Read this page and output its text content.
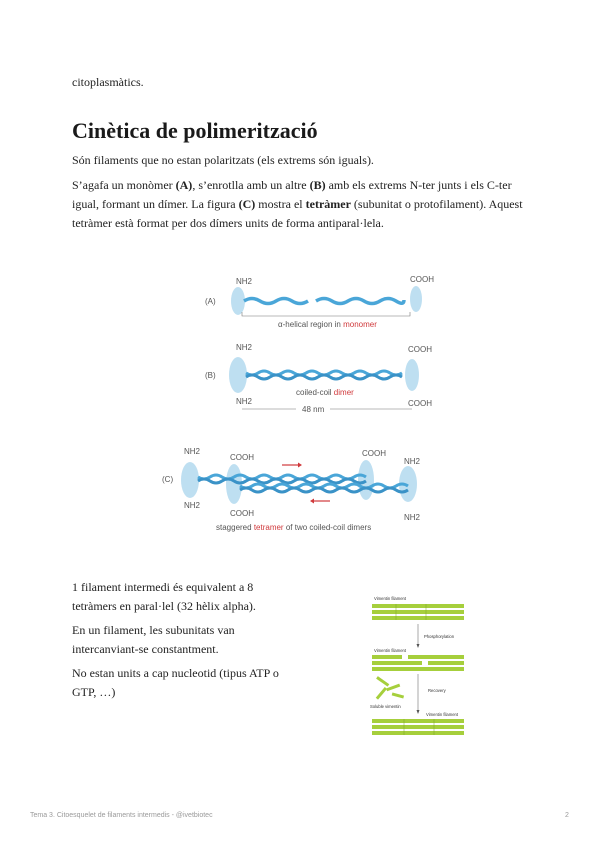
citoplasmàtics.

Cinètica de polimerització

Són filaments que no estan polaritzats (els extrems són iguals).

S’agafa un monòmer (A), s’enrotlla amb un altre (B) amb els extrems N-ter junts i els C-ter igual, formant un dímer. La figura (C) mostra el tetràmer (subunitat o protofilament). Aquest tetràmer està format per dos dímers units de forma antiparal·lela.

(A)
NH2	COOH
α-helical region in monomer
(B)
NH2
NH2
COOH
COOH
coiled-coil dimer
48 nm
(C)
NH2
NH2
COOH
COOH
COOH
NH2
NH2
staggered tetramer of two coiled-coil dimers

1 filament intermedi és equivalent a 8 tetràmers en paral·lel (32 hèlix alpha).

En un filament, les subunitats van intercanviant-se constantment.

No estan units a cap nucleotid (tipus ATP o GTP, …)

Vimentin filament
Phosphorylation
Vimentin filament
Recovery
Soluble vimentin
Vimentin filament
Tema 3. Citoesquelet de filaments intermedis - @ivetbiotec	2
